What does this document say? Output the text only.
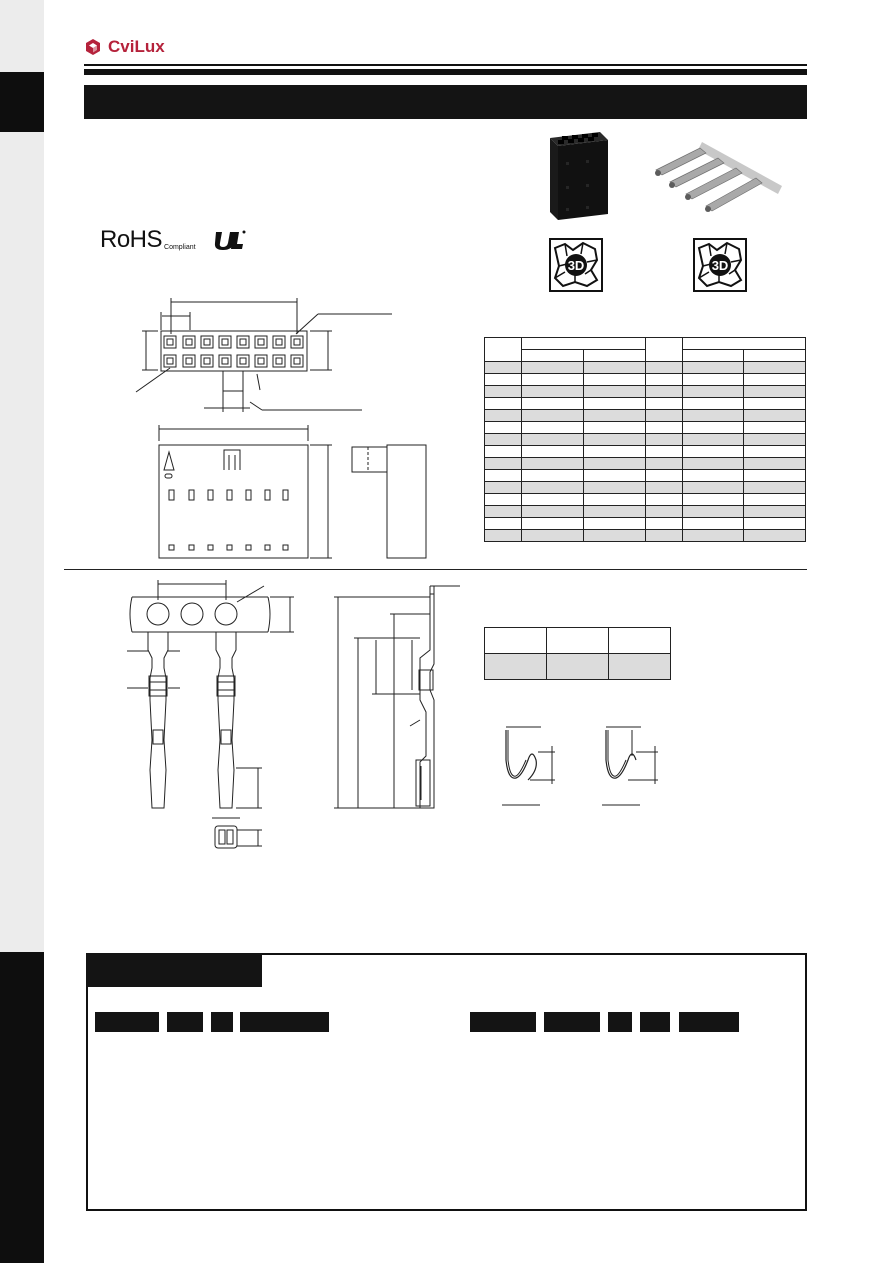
CviLux
RoHS Compliant
3D	3D
